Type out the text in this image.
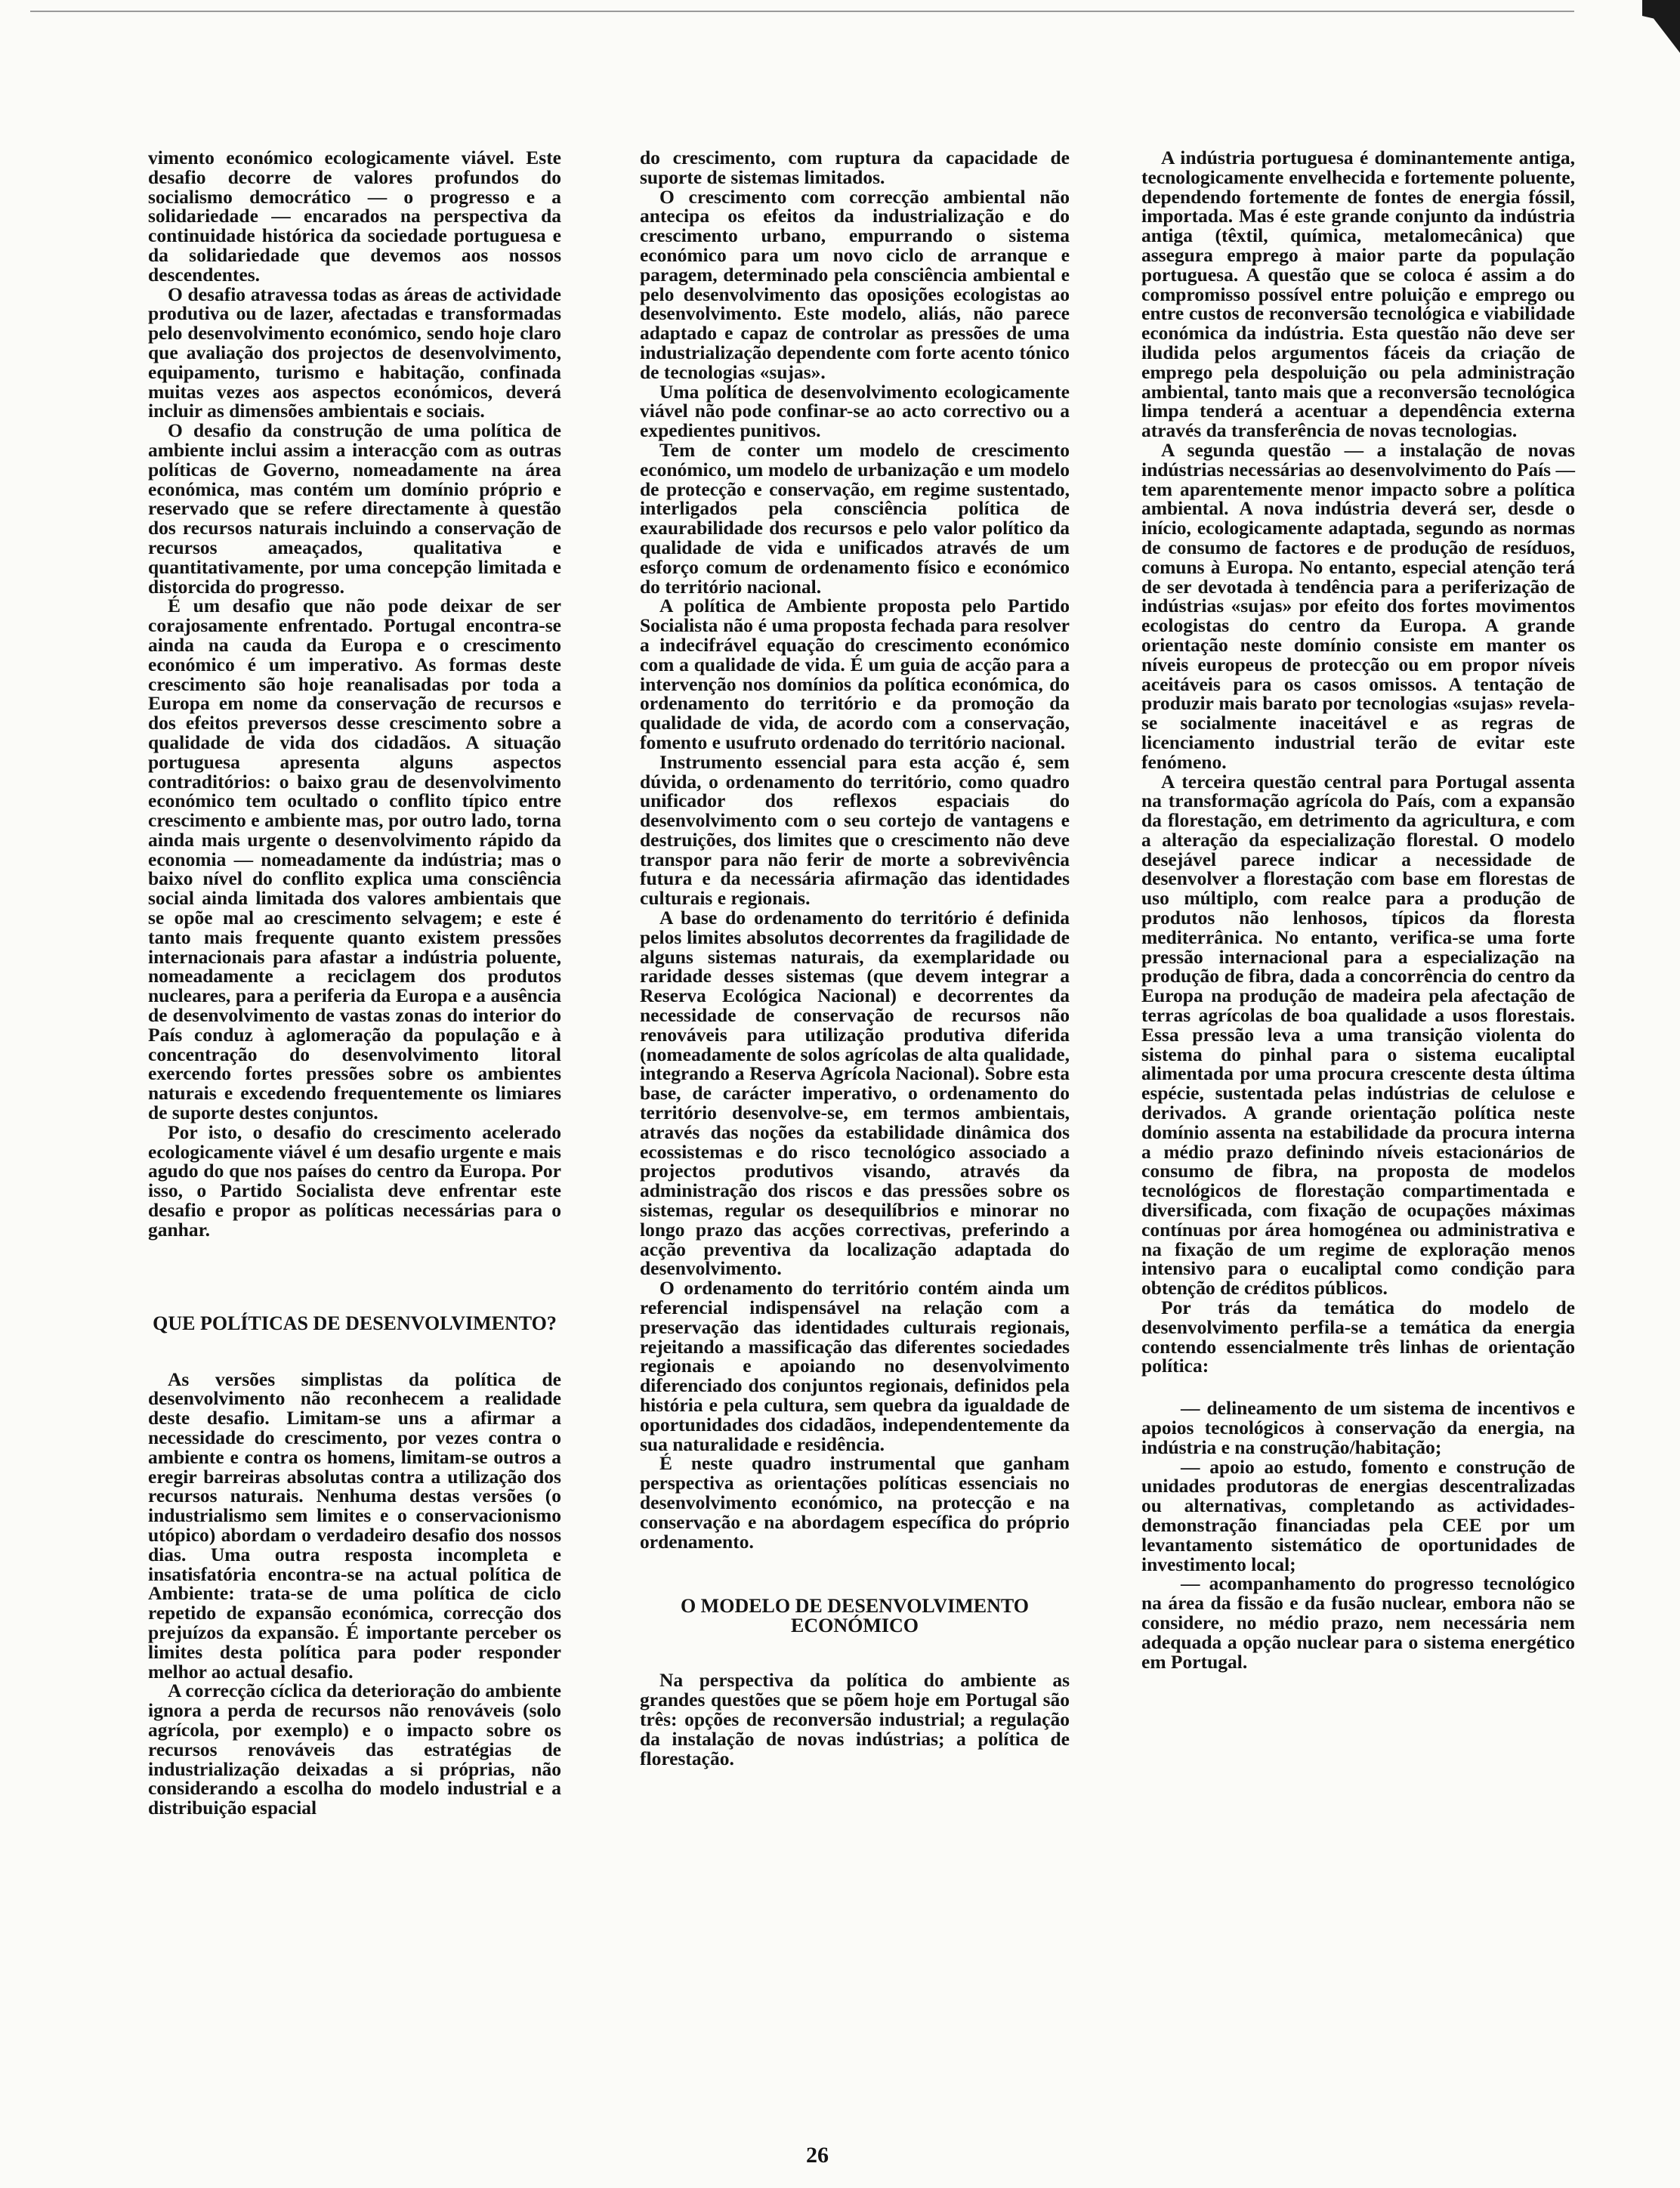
vimento económico ecologicamente viável. Este desafio decorre de valores profundos do socialismo democrático — o progresso e a solidariedade — encarados na perspectiva da continuidade histórica da sociedade portuguesa e da solidariedade que devemos aos nossos descendentes.

O desafio atravessa todas as áreas de actividade produtiva ou de lazer, afectadas e transformadas pelo desenvolvimento económico, sendo hoje claro que avaliação dos projectos de desenvolvimento, equipamento, turismo e habitação, confinada muitas vezes aos aspectos económicos, deverá incluir as dimensões ambientais e sociais.

O desafio da construção de uma política de ambiente inclui assim a interacção com as outras políticas de Governo, nomeadamente na área económica, mas contém um domínio próprio e reservado que se refere directamente à questão dos recursos naturais incluindo a conservação de recursos ameaçados, qualitativa e quantitativamente, por uma concepção limitada e distorcida do progresso.

É um desafio que não pode deixar de ser corajosamente enfrentado. Portugal encontra-se ainda na cauda da Europa e o crescimento económico é um imperativo. As formas deste crescimento são hoje reanalisadas por toda a Europa em nome da conservação de recursos e dos efeitos preversos desse crescimento sobre a qualidade de vida dos cidadãos. A situação portuguesa apresenta alguns aspectos contraditórios: o baixo grau de desenvolvimento económico tem ocultado o conflito típico entre crescimento e ambiente mas, por outro lado, torna ainda mais urgente o desenvolvimento rápido da economia — nomeadamente da indústria; mas o baixo nível do conflito explica uma consciência social ainda limitada dos valores ambientais que se opõe mal ao crescimento selvagem; e este é tanto mais frequente quanto existem pressões internacionais para afastar a indústria poluente, nomeadamente a reciclagem dos produtos nucleares, para a periferia da Europa e a ausência de desenvolvimento de vastas zonas do interior do País conduz à aglomeração da população e à concentração do desenvolvimento litoral exercendo fortes pressões sobre os ambientes naturais e excedendo frequentemente os limiares de suporte destes conjuntos.

Por isto, o desafio do crescimento acelerado ecologicamente viável é um desafio urgente e mais agudo do que nos países do centro da Europa. Por isso, o Partido Socialista deve enfrentar este desafio e propor as políticas necessárias para o ganhar.

QUE POLÍTICAS DE DESENVOLVIMENTO?

As versões simplistas da política de desenvolvimento não reconhecem a realidade deste desafio. Limitam-se uns a afirmar a necessidade do crescimento, por vezes contra o ambiente e contra os homens, limitam-se outros a eregir barreiras absolutas contra a utilização dos recursos naturais. Nenhuma destas versões (o industrialismo sem limites e o conservacionismo utópico) abordam o verdadeiro desafio dos nossos dias. Uma outra resposta incompleta e insatisfatória encontra-se na actual política de Ambiente: trata-se de uma política de ciclo repetido de expansão económica, correcção dos prejuízos da expansão. É importante perceber os limites desta política para poder responder melhor ao actual desafio.

A correcção cíclica da deterioração do ambiente ignora a perda de recursos não renováveis (solo agrícola, por exemplo) e o impacto sobre os recursos renováveis das estratégias de industrialização deixadas a si próprias, não considerando a escolha do modelo industrial e a distribuição espacial

do crescimento, com ruptura da capacidade de suporte de sistemas limitados.

O crescimento com correcção ambiental não antecipa os efeitos da industrialização e do crescimento urbano, empurrando o sistema económico para um novo ciclo de arranque e paragem, determinado pela consciência ambiental e pelo desenvolvimento das oposições ecologistas ao desenvolvimento. Este modelo, aliás, não parece adaptado e capaz de controlar as pressões de uma industrialização dependente com forte acento tónico de tecnologias «sujas».

Uma política de desenvolvimento ecologicamente viável não pode confinar-se ao acto correctivo ou a expedientes punitivos.

Tem de conter um modelo de crescimento económico, um modelo de urbanização e um modelo de protecção e conservação, em regime sustentado, interligados pela consciência política de exaurabilidade dos recursos e pelo valor político da qualidade de vida e unificados através de um esforço comum de ordenamento físico e económico do território nacional.

A política de Ambiente proposta pelo Partido Socialista não é uma proposta fechada para resolver a indecifrável equação do crescimento económico com a qualidade de vida. É um guia de acção para a intervenção nos domínios da política económica, do ordenamento do território e da promoção da qualidade de vida, de acordo com a conservação, fomento e usufruto ordenado do território nacional.

Instrumento essencial para esta acção é, sem dúvida, o ordenamento do território, como quadro unificador dos reflexos espaciais do desenvolvimento com o seu cortejo de vantagens e destruições, dos limites que o crescimento não deve transpor para não ferir de morte a sobrevivência futura e da necessária afirmação das identidades culturais e regionais.

A base do ordenamento do território é definida pelos limites absolutos decorrentes da fragilidade de alguns sistemas naturais, da exemplaridade ou raridade desses sistemas (que devem integrar a Reserva Ecológica Nacional) e decorrentes da necessidade de conservação de recursos não renováveis para utilização produtiva diferida (nomeadamente de solos agrícolas de alta qualidade, integrando a Reserva Agrícola Nacional). Sobre esta base, de carácter imperativo, o ordenamento do território desenvolve-se, em termos ambientais, através das noções da estabilidade dinâmica dos ecossistemas e do risco tecnológico associado a projectos produtivos visando, através da administração dos riscos e das pressões sobre os sistemas, regular os desequilíbrios e minorar no longo prazo das acções correctivas, preferindo a acção preventiva da localização adaptada do desenvolvimento.

O ordenamento do território contém ainda um referencial indispensável na relação com a preservação das identidades culturais regionais, rejeitando a massificação das diferentes sociedades regionais e apoiando no desenvolvimento diferenciado dos conjuntos regionais, definidos pela história e pela cultura, sem quebra da igualdade de oportunidades dos cidadãos, independentemente da sua naturalidade e residência.

É neste quadro instrumental que ganham perspectiva as orientações políticas essenciais no desenvolvimento económico, na protecção e na conservação e na abordagem específica do próprio ordenamento.

O MODELO DE DESENVOLVIMENTO ECONÓMICO

Na perspectiva da política do ambiente as grandes questões que se põem hoje em Portugal são três: opções de reconversão industrial; a regulação da instalação de novas indústrias; a política de florestação.

A indústria portuguesa é dominantemente antiga, tecnologicamente envelhecida e fortemente poluente, dependendo fortemente de fontes de energia fóssil, importada. Mas é este grande conjunto da indústria antiga (têxtil, química, metalomecânica) que assegura emprego à maior parte da população portuguesa. A questão que se coloca é assim a do compromisso possível entre poluição e emprego ou entre custos de reconversão tecnológica e viabilidade económica da indústria. Esta questão não deve ser iludida pelos argumentos fáceis da criação de emprego pela despoluição ou pela administração ambiental, tanto mais que a reconversão tecnológica limpa tenderá a acentuar a dependência externa através da transferência de novas tecnologias.

A segunda questão — a instalação de novas indústrias necessárias ao desenvolvimento do País — tem aparentemente menor impacto sobre a política ambiental. A nova indústria deverá ser, desde o início, ecologicamente adaptada, segundo as normas de consumo de factores e de produção de resíduos, comuns à Europa. No entanto, especial atenção terá de ser devotada à tendência para a periferização de indústrias «sujas» por efeito dos fortes movimentos ecologistas do centro da Europa. A grande orientação neste domínio consiste em manter os níveis europeus de protecção ou em propor níveis aceitáveis para os casos omissos. A tentação de produzir mais barato por tecnologias «sujas» revela-se socialmente inaceitável e as regras de licenciamento industrial terão de evitar este fenómeno.

A terceira questão central para Portugal assenta na transformação agrícola do País, com a expansão da florestação, em detrimento da agricultura, e com a alteração da especialização florestal. O modelo desejável parece indicar a necessidade de desenvolver a florestação com base em florestas de uso múltiplo, com realce para a produção de produtos não lenhosos, típicos da floresta mediterrânica. No entanto, verifica-se uma forte pressão internacional para a especialização na produção de fibra, dada a concorrência do centro da Europa na produção de madeira pela afectação de terras agrícolas de boa qualidade a usos florestais. Essa pressão leva a uma transição violenta do sistema do pinhal para o sistema eucaliptal alimentada por uma procura crescente desta última espécie, sustentada pelas indústrias de celulose e derivados. A grande orientação política neste domínio assenta na estabilidade da procura interna a médio prazo definindo níveis estacionários de consumo de fibra, na proposta de modelos tecnológicos de florestação compartimentada e diversificada, com fixação de ocupações máximas contínuas por área homogénea ou administrativa e na fixação de um regime de exploração menos intensivo para o eucaliptal como condição para obtenção de créditos públicos.

Por trás da temática do modelo de desenvolvimento perfila-se a temática da energia contendo essencialmente três linhas de orientação política:

— delineamento de um sistema de incentivos e apoios tecnológicos à conservação da energia, na indústria e na construção/habitação;

— apoio ao estudo, fomento e construção de unidades produtoras de energias descentralizadas ou alternativas, completando as actividades-demonstração financiadas pela CEE por um levantamento sistemático de oportunidades de investimento local;

— acompanhamento do progresso tecnológico na área da fissão e da fusão nuclear, embora não se considere, no médio prazo, nem necessária nem adequada a opção nuclear para o sistema energético em Portugal.

26
